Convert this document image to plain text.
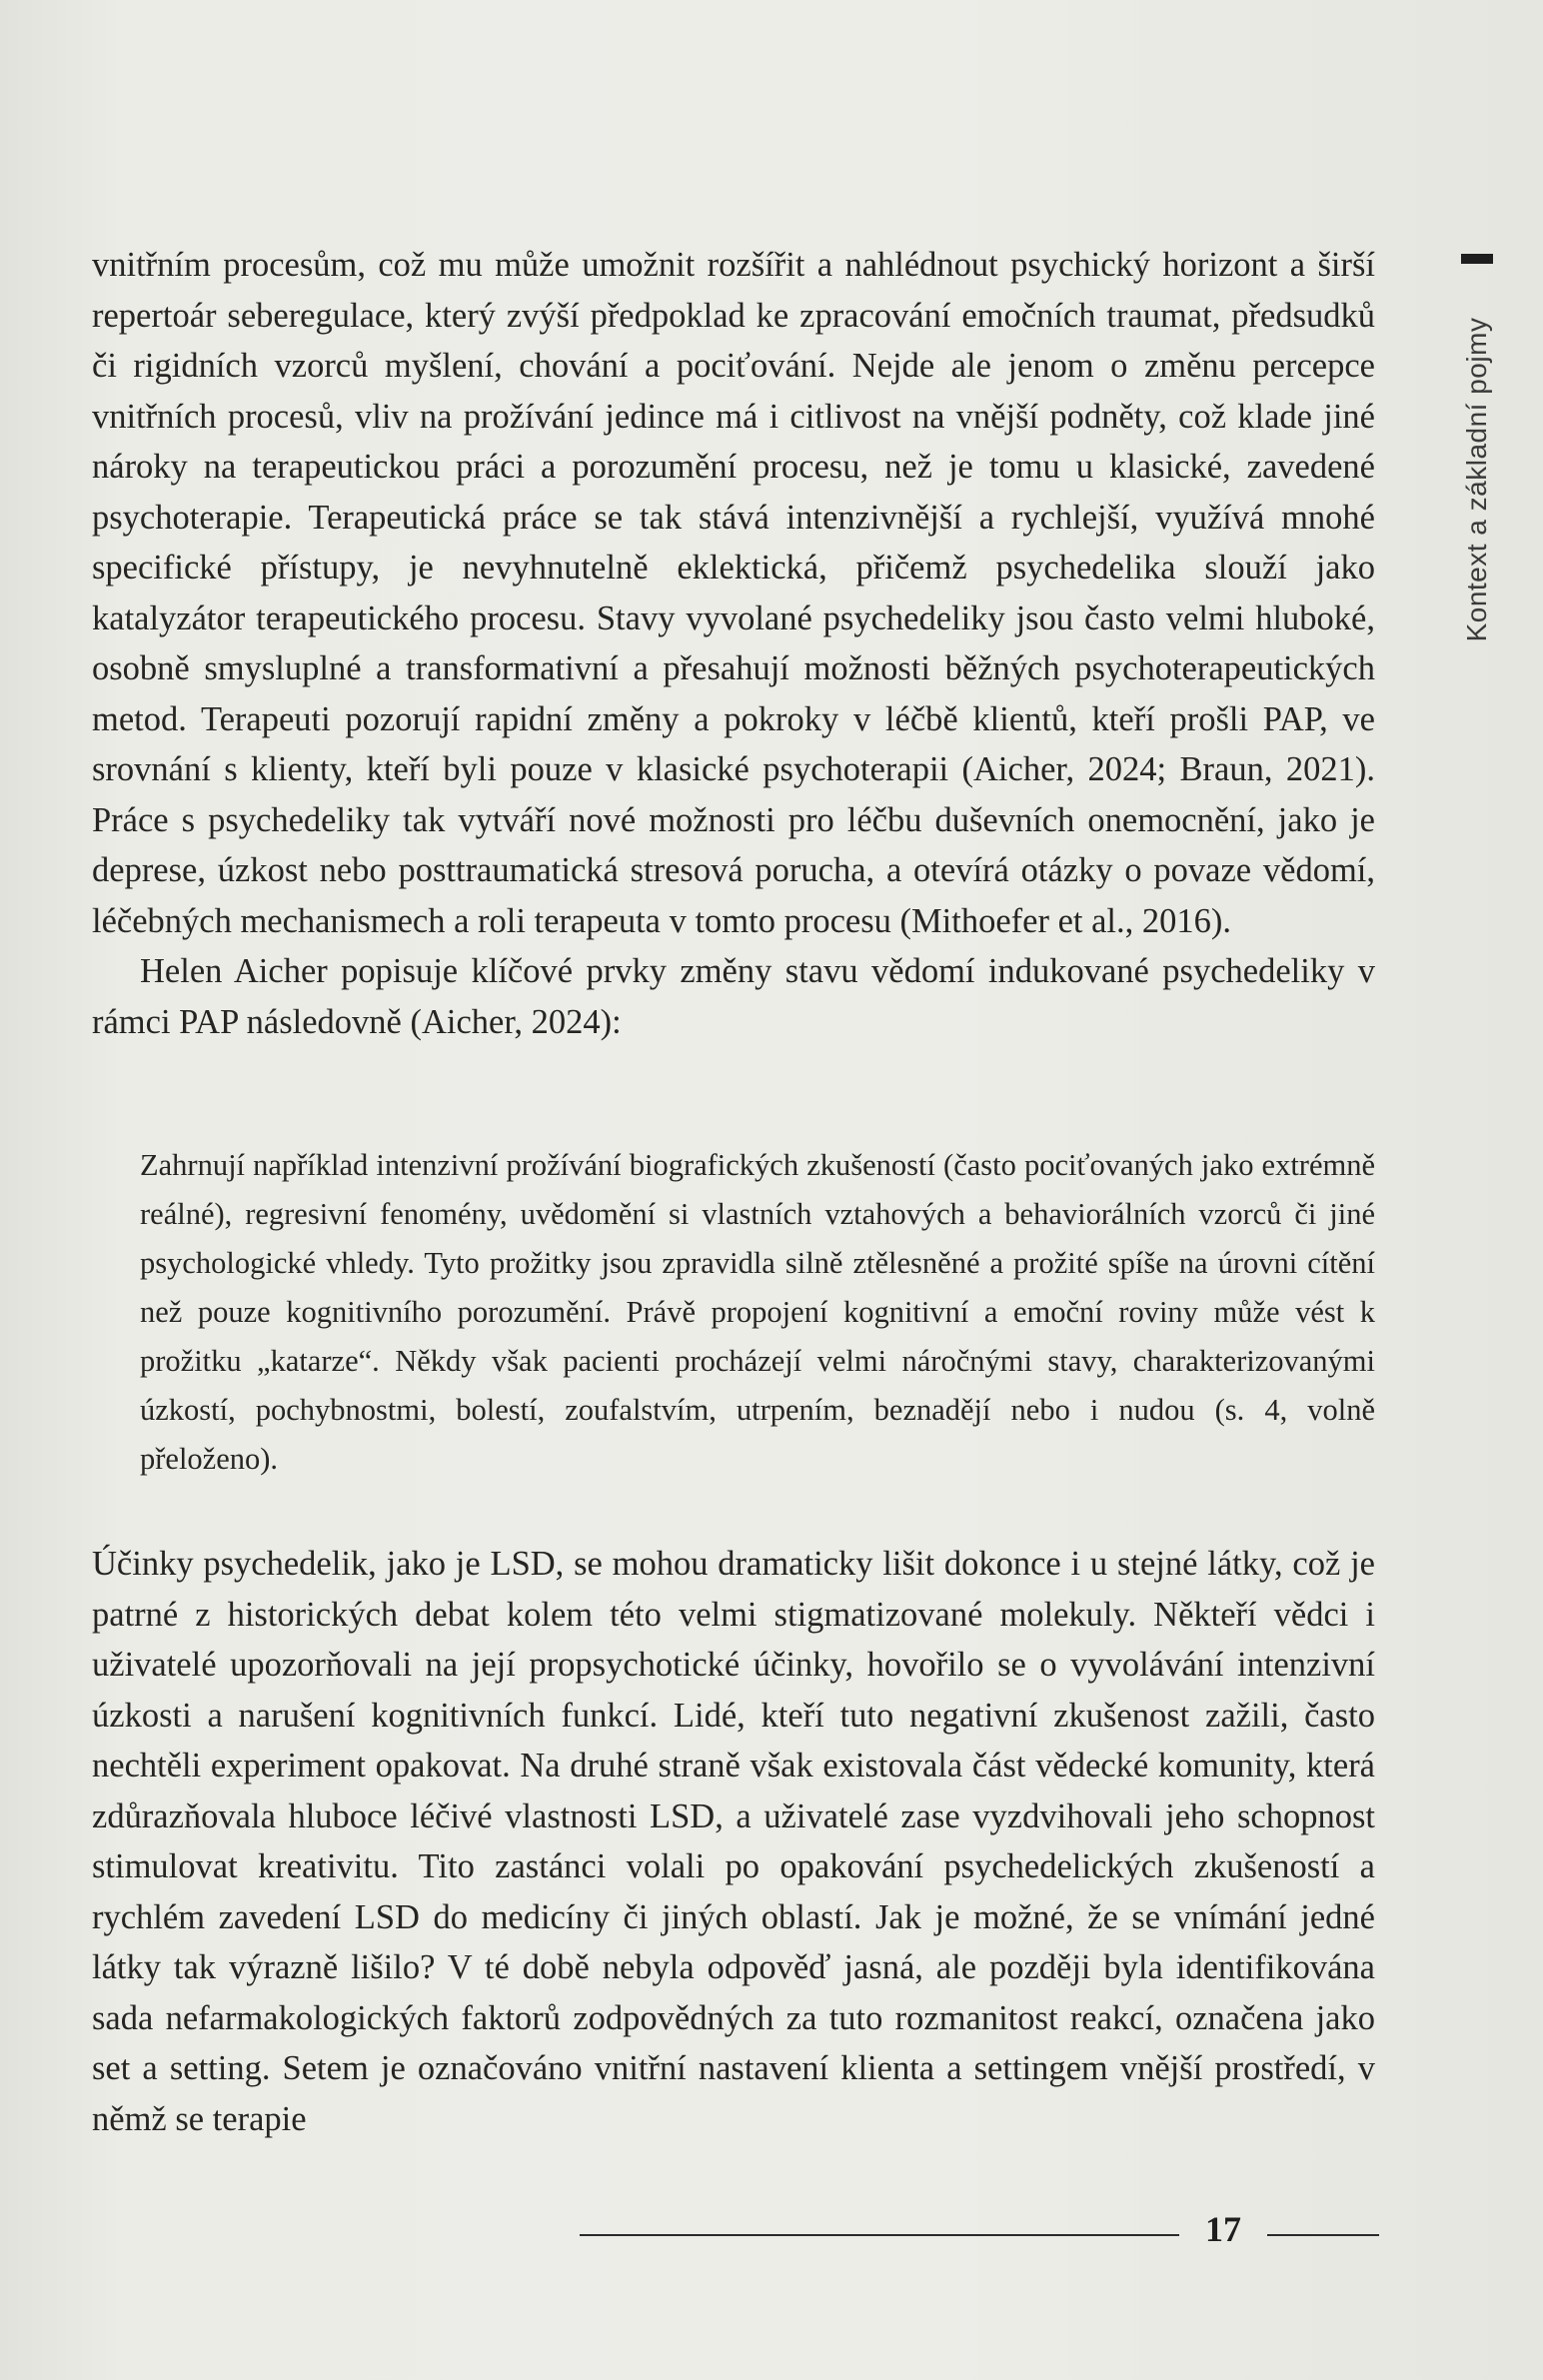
Kontext a základní pojmy

vnitřním procesům, což mu může umožnit rozšířit a nahlédnout psychický horizont a širší repertoár seberegulace, který zvýší předpoklad ke zpracování emočních traumat, předsudků či rigidních vzorců myšlení, chování a pociťování. Nejde ale jenom o změnu percepce vnitřních procesů, vliv na prožívání jedince má i citlivost na vnější podněty, což klade jiné nároky na terapeutickou práci a porozumění procesu, než je tomu u klasické, zavedené psychoterapie. Terapeutická práce se tak stává intenzivnější a rychlejší, využívá mnohé specifické přístupy, je nevyhnutelně eklektická, přičemž psychedelika slouží jako katalyzátor terapeutického procesu. Stavy vyvolané psychedeliky jsou často velmi hluboké, osobně smysluplné a transformativní a přesahují možnosti běžných psychoterapeutických metod. Terapeuti pozorují rapidní změny a pokroky v léčbě klientů, kteří prošli PAP, ve srovnání s klienty, kteří byli pouze v klasické psychoterapii (Aicher, 2024; Braun, 2021). Práce s psychedeliky tak vytváří nové možnosti pro léčbu duševních onemocnění, jako je deprese, úzkost nebo posttraumatická stresová porucha, a otevírá otázky o povaze vědomí, léčebných mechanismech a roli terapeuta v tomto procesu (Mithoefer et al., 2016).

Helen Aicher popisuje klíčové prvky změny stavu vědomí indukované psychedeliky v rámci PAP následovně (Aicher, 2024):

Zahrnují například intenzivní prožívání biografických zkušeností (často pociťovaných jako extrémně reálné), regresivní fenomény, uvědomění si vlastních vztahových a behaviorálních vzorců či jiné psychologické vhledy. Tyto prožitky jsou zpravidla silně ztělesněné a prožité spíše na úrovni cítění než pouze kognitivního porozumění. Právě propojení kognitivní a emoční roviny může vést k prožitku „katarze“. Někdy však pacienti procházejí velmi náročnými stavy, charakterizovanými úzkostí, pochybnostmi, bolestí, zoufalstvím, utrpením, beznadějí nebo i nudou (s. 4, volně přeloženo).

Účinky psychedelik, jako je LSD, se mohou dramaticky lišit dokonce i u stejné látky, což je patrné z historických debat kolem této velmi stigmatizované molekuly. Někteří vědci i uživatelé upozorňovali na její propsychotické účinky, hovořilo se o vyvolávání intenzivní úzkosti a narušení kognitivních funkcí. Lidé, kteří tuto negativní zkušenost zažili, často nechtěli experiment opakovat. Na druhé straně však existovala část vědecké komunity, která zdůrazňovala hluboce léčivé vlastnosti LSD, a uživatelé zase vyzdvihovali jeho schopnost stimulovat kreativitu. Tito zastánci volali po opakování psychedelických zkušeností a rychlém zavedení LSD do medicíny či jiných oblastí. Jak je možné, že se vnímání jedné látky tak výrazně lišilo? V té době nebyla odpověď jasná, ale později byla identifikována sada nefarmakologických faktorů zodpovědných za tuto rozmanitost reakcí, označena jako set a setting. Setem je označováno vnitřní nastavení klienta a settingem vnější prostředí, v němž se terapie

17
